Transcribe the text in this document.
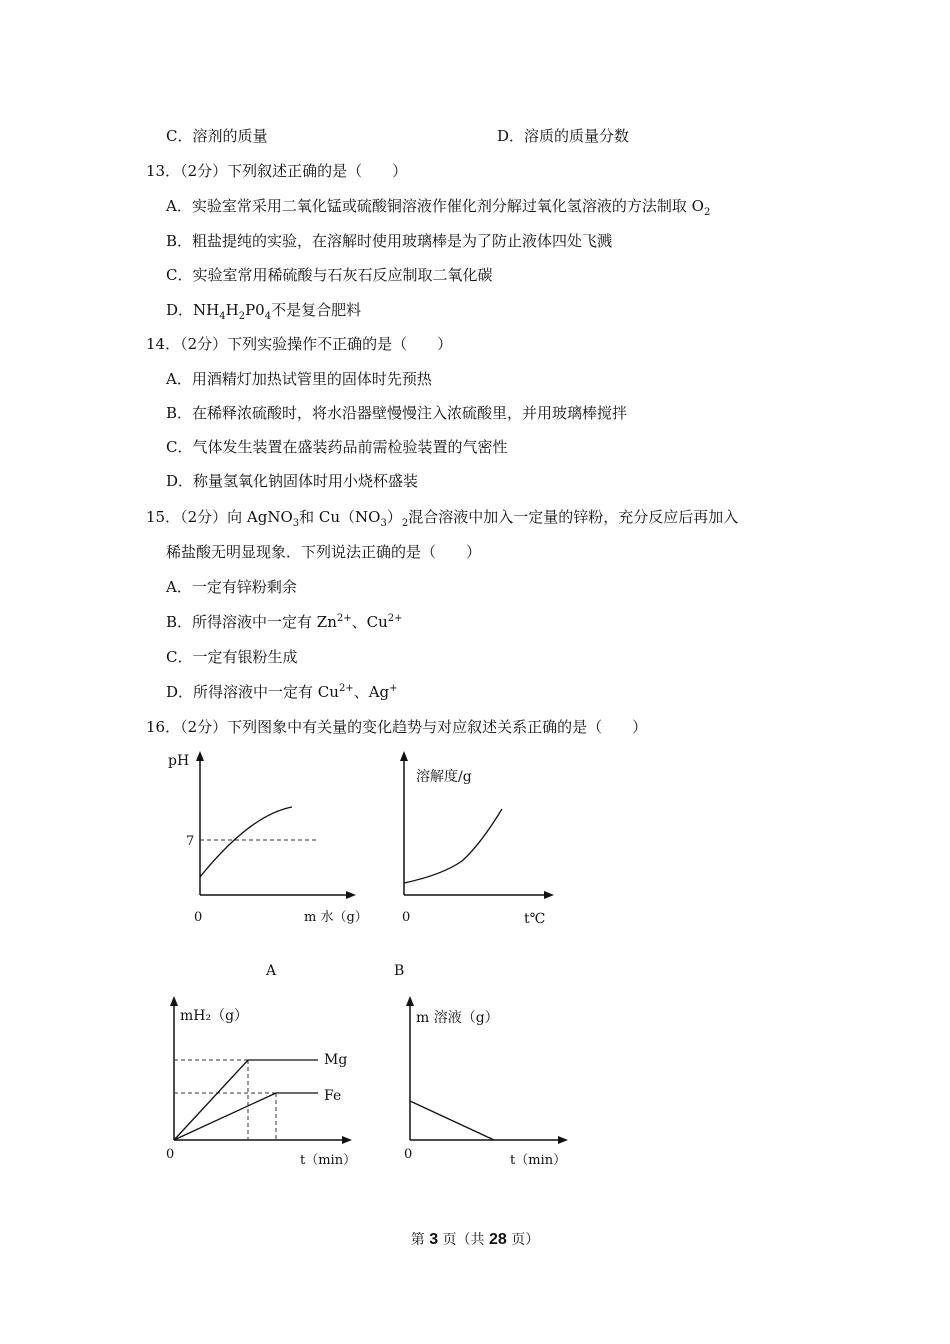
C．溶剂的质量	D．溶质的质量分数
13．（2分）下列叙述正确的是（　　）
A．实验室常采用二氧化锰或硫酸铜溶液作催化剂分解过氧化氢溶液的方法制取 $O_2$
B．粗盐提纯的实验，在溶解时使用玻璃棒是为了防止液体四处飞溅
C．实验室常用稀硫酸与石灰石反应制取二氧化碳
D．$NH_4H_2P0_4$不是复合肥料
14．（2分）下列实验操作不正确的是（　　）
A．用酒精灯加热试管里的固体时先预热
B．在稀释浓硫酸时，将水沿器壁慢慢注入浓硫酸里，并用玻璃棒搅拌
C．气体发生装置在盛装药品前需检验装置的气密性
D．称量氢氧化钠固体时用小烧杯盛装
15．（2分）向 AgNO$_3$和 $Cu(NO_3)_2$混合溶液中加入一定量的锌粉，充分反应后再加入
稀盐酸无明显现象．下列说法正确的是（　　）
A．一定有锌粉剩余
B．所得溶液中一定有 $Zn^{2+}$、$Cu^{2+}$
C．一定有银粉生成
D．所得溶液中一定有 $Cu^{2+}$、Ag+
16．（2分）下列图象中有关量的变化趋势与对应叙述关系正确的是（　　）
pH
7
0	m 水（g）
A
溶解度/g
0	t℃
B
mH₂（g）
Mg
Fe
0	t（min）
m 溶液（g）
0	t（min）
第 3 页（共 28 页）
